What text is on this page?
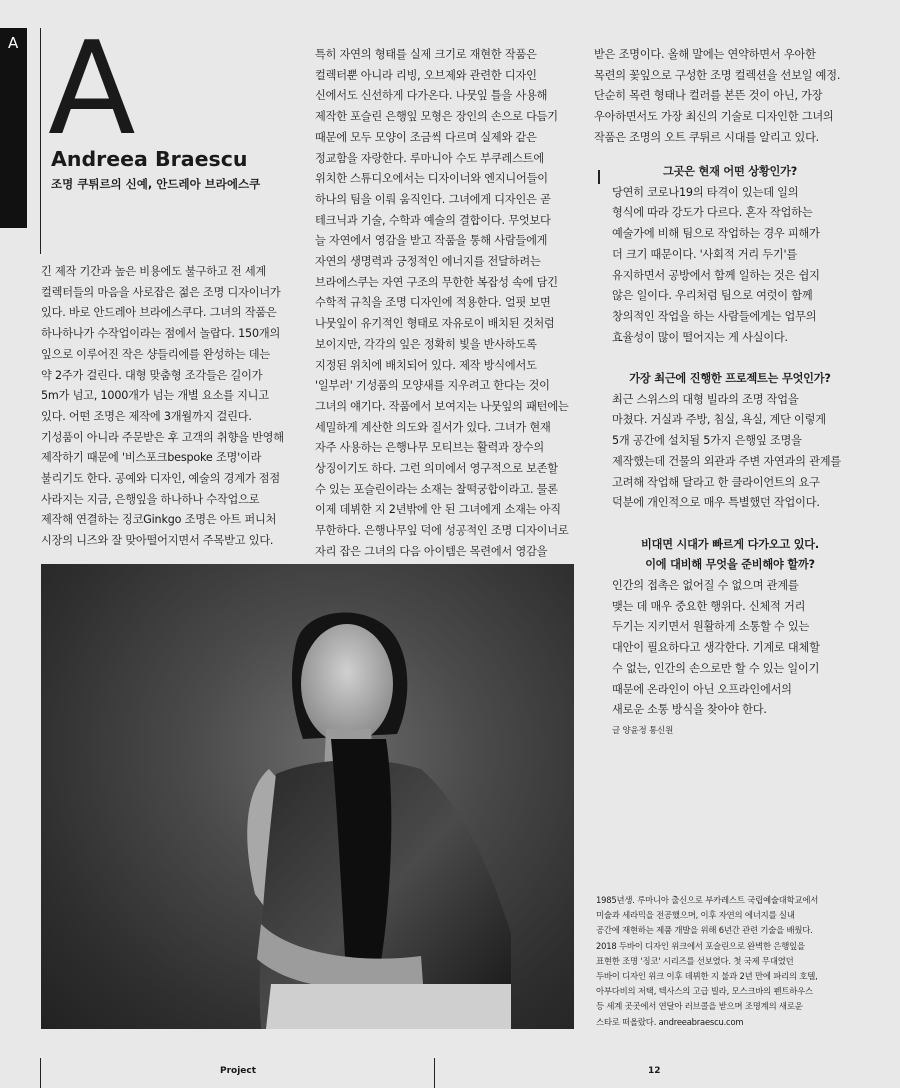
A A
Andreea Braescu
조명 쿠튀르의 신예, 안드레아 브라에스쿠

긴 제작 기간과 높은 비용에도 불구하고 전 세계

컬렉터들의 마음을 사로잡은 젊은 조명 디자이너가

있다. 바로 안드레아 브라에스쿠다. 그녀의 작품은

하나하나가 수작업이라는 점에서 놀랍다. 150개의

잎으로 이루어진 작은 샹들리에를 완성하는 데는

약 2주가 걸린다. 대형 맞춤형 조각들은 길이가

5m가 넘고, 1000개가 넘는 개별 요소를 지니고

있다. 어떤 조명은 제작에 3개월까지 걸린다.

기성품이 아니라 주문받은 후 고객의 취향을 반영해

제작하기 때문에 '비스포크bespoke 조명'이라

불리기도 한다. 공예와 디자인, 예술의 경계가 점점

사라지는 지금, 은행잎을 하나하나 수작업으로

제작해 연결하는 징코Ginkgo 조명은 아트 퍼니처

시장의 니즈와 잘 맞아떨어지면서 주목받고 있다.

특히 자연의 형태를 실제 크기로 재현한 작품은

컬렉터뿐 아니라 리빙, 오브제와 관련한 디자인

신에서도 신선하게 다가온다. 나뭇잎 틀을 사용해

제작한 포슬린 은행잎 모형은 장인의 손으로 다듬기

때문에 모두 모양이 조금씩 다르며 실제와 같은

정교함을 자랑한다. 루마니아 수도 부쿠레스트에

위치한 스튜디오에서는 디자이너와 엔지니어들이

하나의 팀을 이뤄 움직인다. 그녀에게 디자인은 곧

테크닉과 기술, 수학과 예술의 결합이다. 무엇보다

늘 자연에서 영감을 받고 작품을 통해 사람들에게

자연의 생명력과 긍정적인 에너지를 전달하려는

브라에스쿠는 자연 구조의 무한한 복잡성 속에 담긴

수학적 규칙을 조명 디자인에 적용한다. 얼핏 보면

나뭇잎이 유기적인 형태로 자유로이 배치된 것처럼

보이지만, 각각의 잎은 정확히 빛을 반사하도록

지정된 위치에 배치되어 있다. 제작 방식에서도

'일부러' 기성품의 모양새를 지우려고 한다는 것이

그녀의 얘기다. 작품에서 보여지는 나뭇잎의 패턴에는

세밀하게 계산한 의도와 질서가 있다. 그녀가 현재

자주 사용하는 은행나무 모티브는 활력과 장수의

상징이기도 하다. 그런 의미에서 영구적으로 보존할

수 있는 포슬린이라는 소재는 찰떡궁합이라고. 물론

이제 데뷔한 지 2년밖에 안 된 그녀에게 소재는 아직

무한하다. 은행나무잎 덕에 성공적인 조명 디자이너로

자리 잡은 그녀의 다음 아이템은 목련에서 영감을

받은 조명이다. 올해 말에는 연약하면서 우아한

목련의 꽃잎으로 구성한 조명 컬렉션을 선보일 예정.

단순히 목련 형태나 컬러를 본뜬 것이 아닌, 가장

우아하면서도 가장 최신의 기술로 디자인한 그녀의

작품은 조명의 오트 쿠튀르 시대를 알리고 있다.

그곳은 현재 어떤 상황인가?

당연히 코로나19의 타격이 있는데 일의

형식에 따라 강도가 다르다. 혼자 작업하는

예술가에 비해 팀으로 작업하는 경우 피해가

더 크기 때문이다. '사회적 거리 두기'를

유지하면서 공방에서 함께 일하는 것은 쉽지

않은 일이다. 우리처럼 팀으로 여럿이 함께

창의적인 작업을 하는 사람들에게는 업무의

효율성이 많이 떨어지는 게 사실이다.

가장 최근에 진행한 프로젝트는 무엇인가?

최근 스위스의 대형 빌라의 조명 작업을

마쳤다. 거실과 주방, 침실, 욕실, 계단 이렇게

5개 공간에 설치될 5가지 은행잎 조명을

제작했는데 건물의 외관과 주변 자연과의 관계를

고려해 작업해 달라고 한 클라이언트의 요구

덕분에 개인적으로 매우 특별했던 작업이다.

비대면 시대가 빠르게 다가오고 있다.

이에 대비해 무엇을 준비해야 할까?

인간의 접촉은 없어질 수 없으며 관계를

맺는 데 매우 중요한 행위다. 신체적 거리

두기는 지키면서 원활하게 소통할 수 있는

대안이 필요하다고 생각한다. 기계로 대체할

수 없는, 인간의 손으로만 할 수 있는 일이기

때문에 온라인이 아닌 오프라인에서의

새로운 소통 방식을 찾아야 한다.

글 양윤정 통신원

1985년생. 루마니아 출신으로 부카레스트 국립예술대학교에서
미술과 세라믹을 전공했으며, 이후 자연의 에너지를 실내
공간에 재현하는 제품 개발을 위해 6년간 관련 기술을 배웠다.
2018 두바이 디자인 위크에서 포슬린으로 완벽한 은행잎을
표현한 조명 '징코' 시리즈를 선보였다. 첫 국제 무대였던
두바이 디자인 위크 이후 데뷔한 지 불과 2년 만에 파리의 호텔,
아부다비의 저택, 텍사스의 고급 빌라, 모스크바의 펜트하우스
등 세계 곳곳에서 연달아 러브콜을 받으며 조명계의 새로운
스타로 떠올랐다. andreeabraescu.com
Project	12
